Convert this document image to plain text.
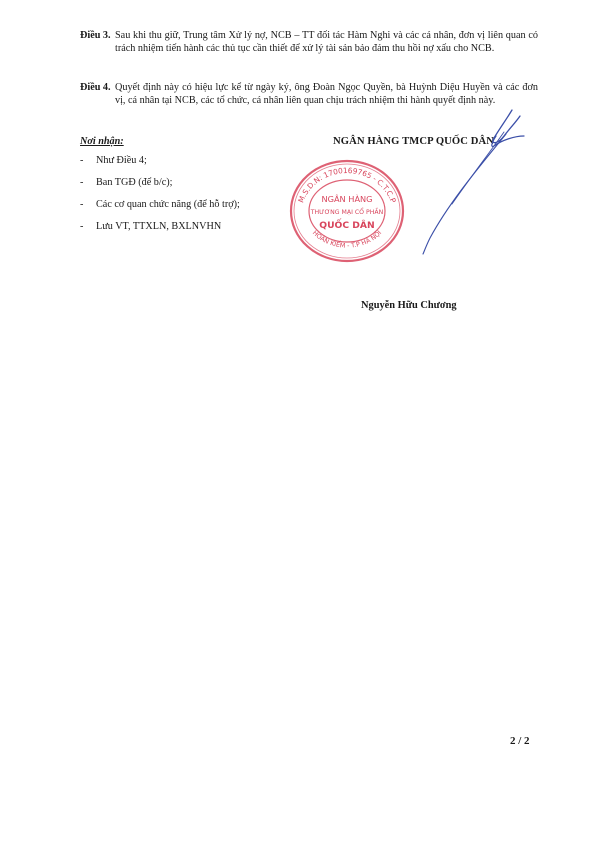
Điều 3. Sau khi thu giữ, Trung tâm Xử lý nợ, NCB – TT đối tác Hàm Nghi và các cá nhân, đơn vị liên quan có trách nhiệm tiến hành các thủ tục cần thiết để xử lý tài sản bảo đảm thu hồi nợ xấu cho NCB.
Điều 4. Quyết định này có hiệu lực kể từ ngày ký, ông Đoàn Ngọc Quyền, bà Huỳnh Diệu Huyền và các đơn vị, cá nhân tại NCB, các tổ chức, cá nhân liên quan chịu trách nhiệm thi hành quyết định này.
Nơi nhận:
- Như Điều 4;
- Ban TGĐ (để b/c);
- Các cơ quan chức năng (để hỗ trợ);
- Lưu VT, TTXLN, BXLNVHN
NGÂN HÀNG TMCP QUỐC DÂN
M.S.D.N: 1700169765 - C.T.C.P
HOÀN KIẾM - T.P HÀ NỘI
NGÂN HÀNG
THƯƠNG MẠI CỔ PHẦN
QUỐC DÂN
Nguyễn Hữu Chương
2 / 2
